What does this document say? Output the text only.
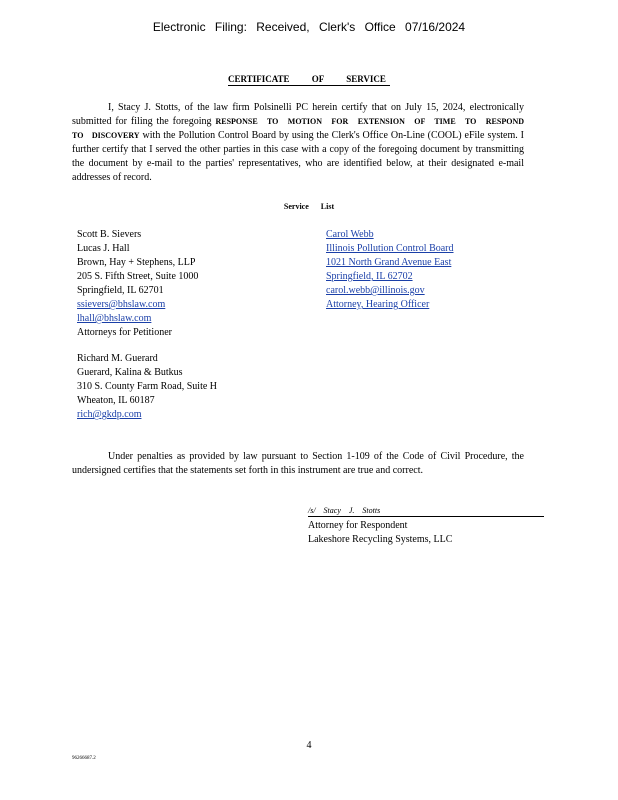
Electronic Filing: Received, Clerk's Office 07/16/2024
CERTIFICATE OF SERVICE
I, Stacy J. Stotts, of the law firm Polsinelli PC herein certify that on July 15, 2024, electronically submitted for filing the foregoing RESPONSE TO MOTION FOR EXTENSION OF TIME TO RESPOND TO DISCOVERY with the Pollution Control Board by using the Clerk's Office On-Line (COOL) eFile system. I further certify that I served the other parties in this case with a copy of the foregoing document by transmitting the document by e-mail to the parties' representatives, who are identified below, at their designated e-mail addresses of record.
Service List
Scott B. Sievers
Lucas J. Hall
Brown, Hay + Stephens, LLP
205 S. Fifth Street, Suite 1000
Springfield, IL 62701
ssievers@bhslaw.com
lhall@bhslaw.com
Attorneys for Petitioner
Richard M. Guerard
Guerard, Kalina & Butkus
310 S. County Farm Road, Suite H
Wheaton, IL 60187
rich@gkdp.com
Carol Webb
Illinois Pollution Control Board
1021 North Grand Avenue East
Springfield, IL 62702
carol.webb@illinois.gov
Attorney, Hearing Officer
Under penalties as provided by law pursuant to Section 1-109 of the Code of Civil Procedure, the undersigned certifies that the statements set forth in this instrument are true and correct.
/s/ Stacy J. Stotts
Attorney for Respondent
Lakeshore Recycling Systems, LLC
4
96266687.2
